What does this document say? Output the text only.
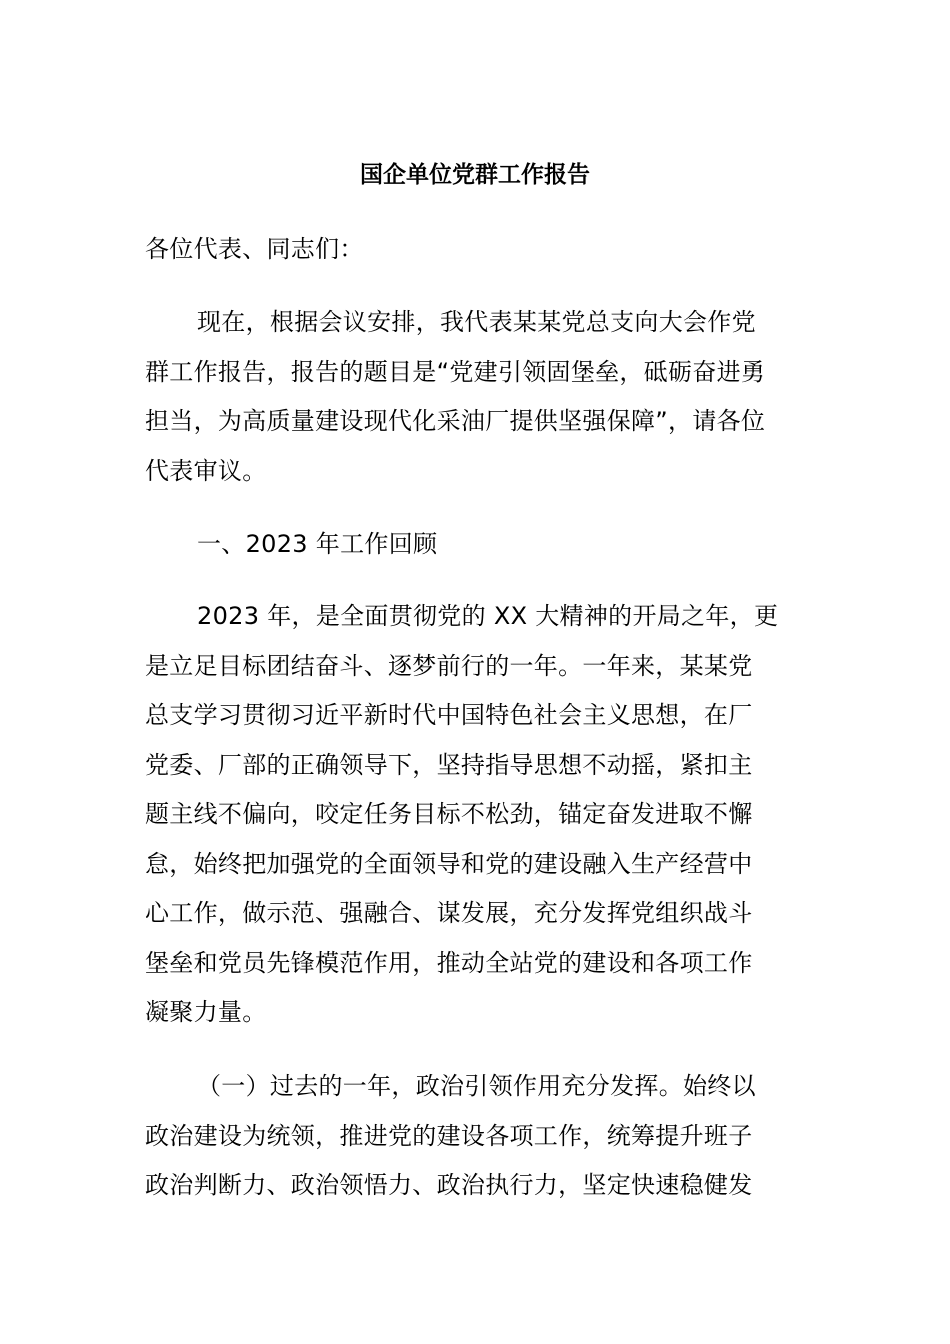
国企单位党群工作报告
各位代表、同志们：
现在，根据会议安排，我代表某某党总支向大会作党
群工作报告，报告的题目是“党建引领固堡垒，砥砺奋进勇
担当，为高质量建设现代化采油厂提供坚强保障”，请各位
代表审议。
一、2023 年工作回顾
2023 年，是全面贯彻党的 XX 大精神的开局之年，更
是立足目标团结奋斗、逐梦前行的一年。一年来，某某党
总支学习贯彻习近平新时代中国特色社会主义思想，在厂
党委、厂部的正确领导下，坚持指导思想不动摇，紧扣主
题主线不偏向，咬定任务目标不松劲，锚定奋发进取不懈
怠，始终把加强党的全面领导和党的建设融入生产经营中
心工作，做示范、强融合、谋发展，充分发挥党组织战斗
堡垒和党员先锋模范作用，推动全站党的建设和各项工作
凝聚力量。
（一）过去的一年，政治引领作用充分发挥。始终以
政治建设为统领，推进党的建设各项工作，统筹提升班子
政治判断力、政治领悟力、政治执行力，坚定快速稳健发
